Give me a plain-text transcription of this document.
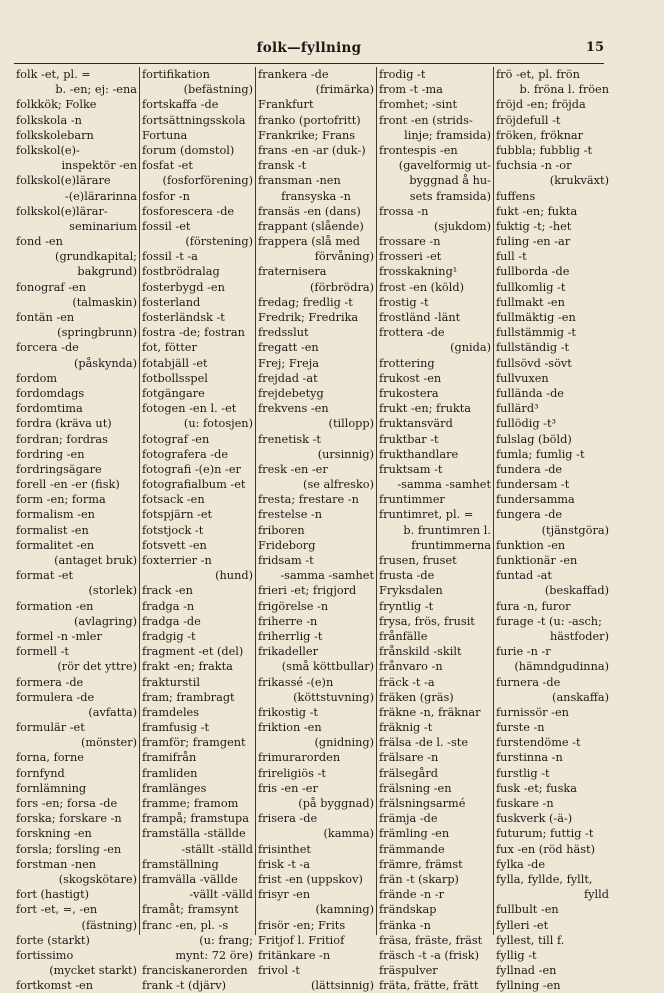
folk—fyllning	15
folk -et, pl. =
b. -en; ej: -ena
folkkök; Folke
folkskola -n
folkskolebarn
folkskol(e)-
inspektör -en
folkskol(e)lärare
-(e)lärarinna
folkskol(e)lärar-
seminarium
fond -en
(grundkapital;
bakgrund)
fonograf -en
(talmaskin)
fontän -en
(springbrunn)
forcera -de
(påskynda)
fordom
fordomdags
fordomtima
fordra (kräva ut)
fordran; fordras
fordring -en
fordringsägare
forell -en -er (fisk)
form -en; forma
formalism -en
formalist -en
formalitet -en
(antaget bruk)
format -et
(storlek)
formation -en
(avlagring)
formel -n -mler
formell -t
(rör det yttre)
formera -de
formulera -de
(avfatta)
formulär -et
(mönster)
forna, forne
fornfynd
fornlämning
fors -en; forsa -de
forska; forskare -n
forskning -en
forsla; forsling -en
forstman -nen
(skogskötare)
fort (hastigt)
fort -et, =, -en
(fästning)
forte (starkt)
fortissimo
(mycket starkt)
fortkomst -en
fortifikation
(befästning)
fortskaffa -de
fortsättningsskola
Fortuna
forum (domstol)
fosfat -et
(fosforförening)
fosfor -n
fosforescera -de
fossil -et
(förstening)
fossil -t -a
fostbrödralag
fosterbygd -en
fosterland
fosterländsk -t
fostra -de; fostran
fot, fötter
fotabjäll -et
fotbollsspel
fotgängare
fotogen -en l. -et
(u: fotosjen)
fotograf -en
fotografera -de
fotografi -(e)n -er
fotografialbum -et
fotsack -en
fotspjärn -et
fotstjock -t
fotsvett -en
foxterrier -n
(hund)
frack -en
fradga -n
fradga -de
fradgig -t
fragment -et (del)
frakt -en; frakta
frakturstil
fram; frambragt
framdeles
framfusig -t
framför; framgent
framifrån
framliden
framlänges
framme; framom
frampå; framstupa
framställa -ställde
-ställt -ställd
framställning
framvälla -vällde
-vällt -välld
framåt; framsynt
franc -en, pl. -s
(u: frang;
mynt: 72 öre)
franciskanerorden
frank -t (djärv)
frankera -de
(frimärka)
Frankfurt
franko (portofritt)
Frankrike; Frans
frans -en -ar (duk-)
fransk -t
fransman -nen
fransyska -n
fransäs -en (dans)
frappant (slående)
frappera (slå med
förvåning)
fraternisera
(förbrödra)
fredag; fredlig -t
Fredrik; Fredrika
fredsslut
fregatt -en
Frej; Freja
frejdad -at
frejdebetyg
frekvens -en
(tillopp)
frenetisk -t
(ursinnig)
fresk -en -er
(se alfresko)
fresta; frestare -n
frestelse -n
friboren
Frideborg
fridsam -t
-samma -samhet
frieri -et; frigjord
frigörelse -n
friherre -n
friherrlig -t
frikadeller
(små köttbullar)
frikassé -(e)n
(köttstuvning)
frikostig -t
friktion -en
(gnidning)
frimurarorden
frireligiös -t
fris -en -er
(på byggnad)
frisera -de
(kamma)
frisinthet
frisk -t -a
frist -en (uppskov)
frisyr -en
(kamning)
frisör -en; Frits
Fritjof l. Fritiof
fritänkare -n
frivol -t
(lättsinnig)
frodig -t
from -t -ma
fromhet; -sint
front -en (strids-
linje; framsida)
frontespis -en
(gavelformig ut-
byggnad å hu-
sets framsida)
frossa -n
(sjukdom)
frossare -n
frosseri -et
frosskakning¹
frost -en (köld)
frostig -t
frostländ -länt
frottera -de
(gnida)
frottering
frukost -en
frukostera
frukt -en; frukta
fruktansvärd
fruktbar -t
frukthandlare
fruktsam -t
-samma -samhet
fruntimmer
fruntimret, pl. =
b. fruntimren l.
fruntimmerna
frusen, fruset
frusta -de
Fryksdalen
fryntlig -t
frysa, frös, frusit
frånfälle
frånskild -skilt
frånvaro -n
fräck -t -a
fräken (gräs)
fräkne -n, fräknar
fräknig -t
frälsa -de l. -ste
frälsare -n
frälsegård
frälsning -en
frälsningsarmé
främja -de
främling -en
främmande
främre, främst
frän -t (skarp)
frände -n -r
frändskap
fränka -n
fräsa, fräste, fräst
fräsch -t -a (frisk)
fräspulver
fräta, frätte, frätt
frö -et, pl. frön
b. fröna l. fröen
fröjd -en; fröjda
fröjdefull -t
fröken, fröknar
fubbla; fubblig -t
fuchsia -n -or
(krukväxt)
fuffens
fukt -en; fukta
fuktig -t; -het
fuling -en -ar
full -t
fullborda -de
fullkomlig -t
fullmakt -en
fullmäktig -en
fullstämmig -t
fullständig -t
fullsövd -sövt
fullvuxen
fullända -de
fullärd³
fullödig -t³
fulslag (böld)
fumla; fumlig -t
fundera -de
fundersam -t
fundersamma
fungera -de
(tjänstgöra)
funktion -en
funktionär -en
funtad -at
(beskaffad)
fura -n, furor
furage -t (u: -asch;
hästfoder)
furie -n -r
(hämndgudinna)
furnera -de
(anskaffa)
furnissör -en
furste -n
furstendöme -t
furstinna -n
furstlig -t
fusk -et; fuska
fuskare -n
fuskverk (-ä-)
futurum; futtig -t
fux -en (röd häst)
fylka -de
fylla, fyllde, fyllt,
fylld
fullbult -en
fylleri -et
fyllest, till f.
fyllig -t
fyllnad -en
fyllning -en
